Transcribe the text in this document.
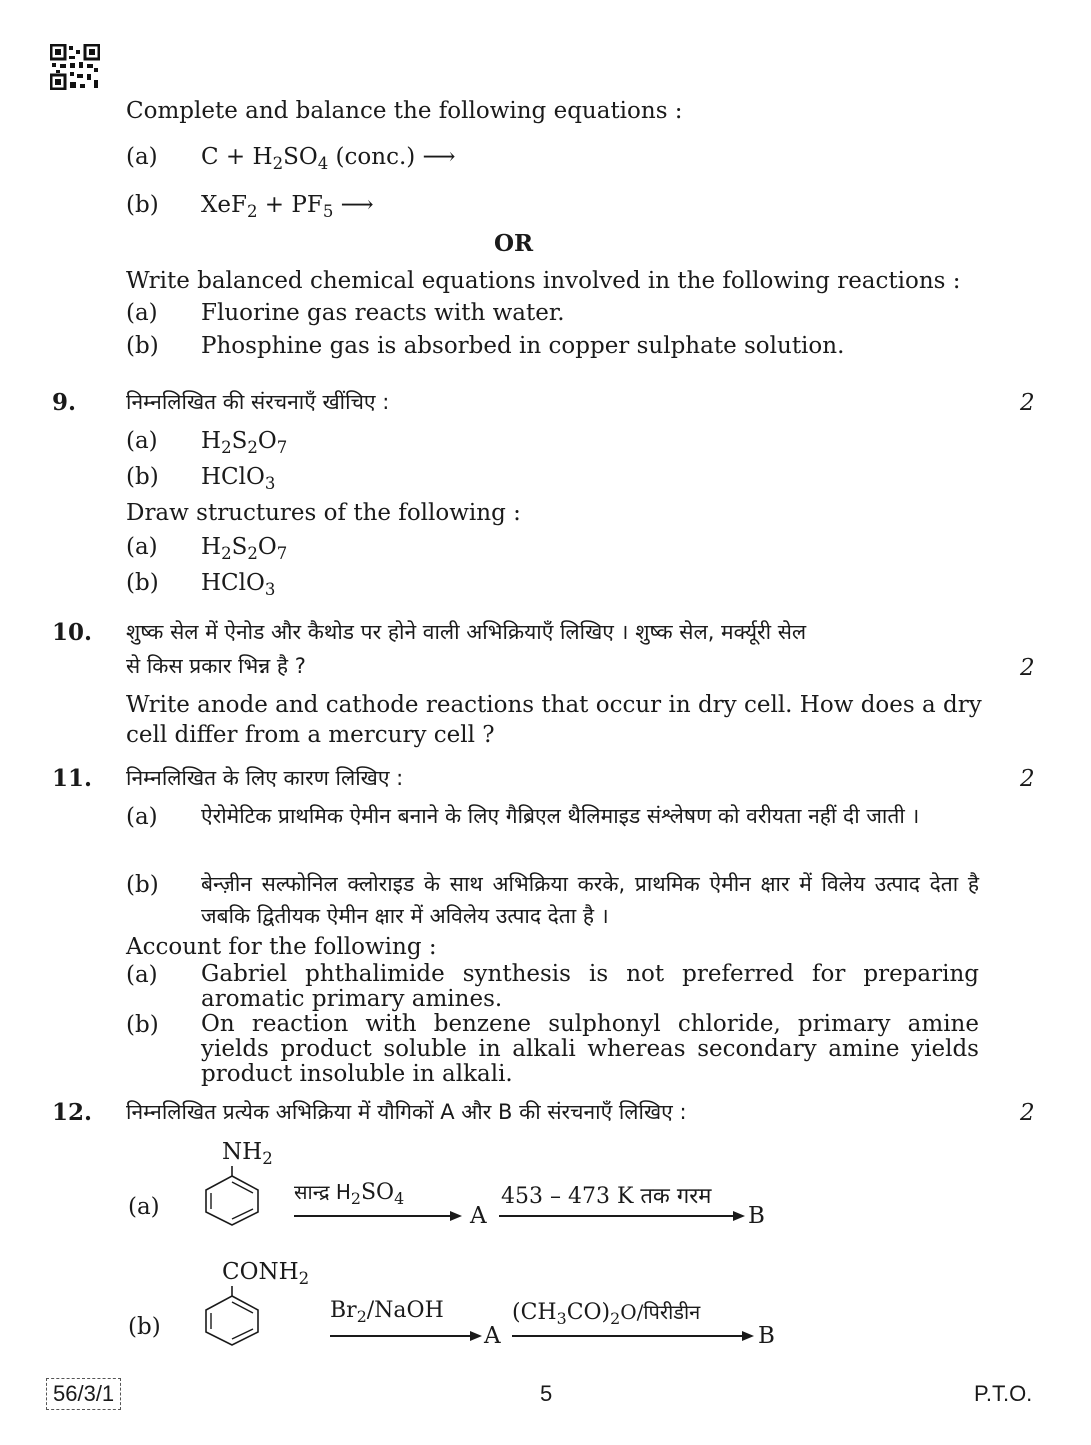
Complete and balance the following equations :
(a) $C + H_2SO_4$ (conc.) ⟶
(b) $XeF_2 + PF_5$ ⟶
OR
Write balanced chemical equations involved in the following reactions :
(a) Fluorine gas reacts with water.
(b) Phosphine gas is absorbed in copper sulphate solution.
9. निम्नलिखित की संरचनाएँ खींचिए :	2
(a) $H_2S_2O_7$
(b) HClO$_3$
Draw structures of the following :
(a) $H_2S_2O_7$
(b) HClO$_3$
10. शुष्क सेल में ऐनोड और कैथोड पर होने वाली अभिक्रियाएँ लिखिए । शुष्क सेल, मर्क्यूरी सेल
से किस प्रकार भिन्न है ?	2
Write anode and cathode reactions that occur in dry cell. How does a dry
cell differ from a mercury cell ?
11. निम्नलिखित के लिए कारण लिखिए :	2
(a) ऐरोमेटिक प्राथमिक ऐमीन बनाने के लिए गैब्रिएल थैलिमाइड संश्लेषण को वरीयता नहीं दी जाती ।
(b) बेन्ज़ीन सल्फोनिल क्लोराइड के साथ अभिक्रिया करके, प्राथमिक ऐमीन क्षार में विलेय उत्पाद देता है जबकि द्वितीयक ऐमीन क्षार में अविलेय उत्पाद देता है ।
Account for the following :
(a) Gabriel phthalimide synthesis is not preferred for preparing aromatic primary amines.
(b) On reaction with benzene sulphonyl chloride, primary amine yields product soluble in alkali whereas secondary amine yields product insoluble in alkali.
12. निम्नलिखित प्रत्येक अभिक्रिया में यौगिकों A और B की संरचनाएँ लिखिए :	2
(a)
$NH_2$
सान्द्र $H_2SO_4$
A
453 – 473 K तक गरम
B
(b)
$CONH_2$
$Br_2$/NaOH
A
$(CH_3CO)_2O/पिरीडीन$
B
56/3/1	5	P.T.O.
